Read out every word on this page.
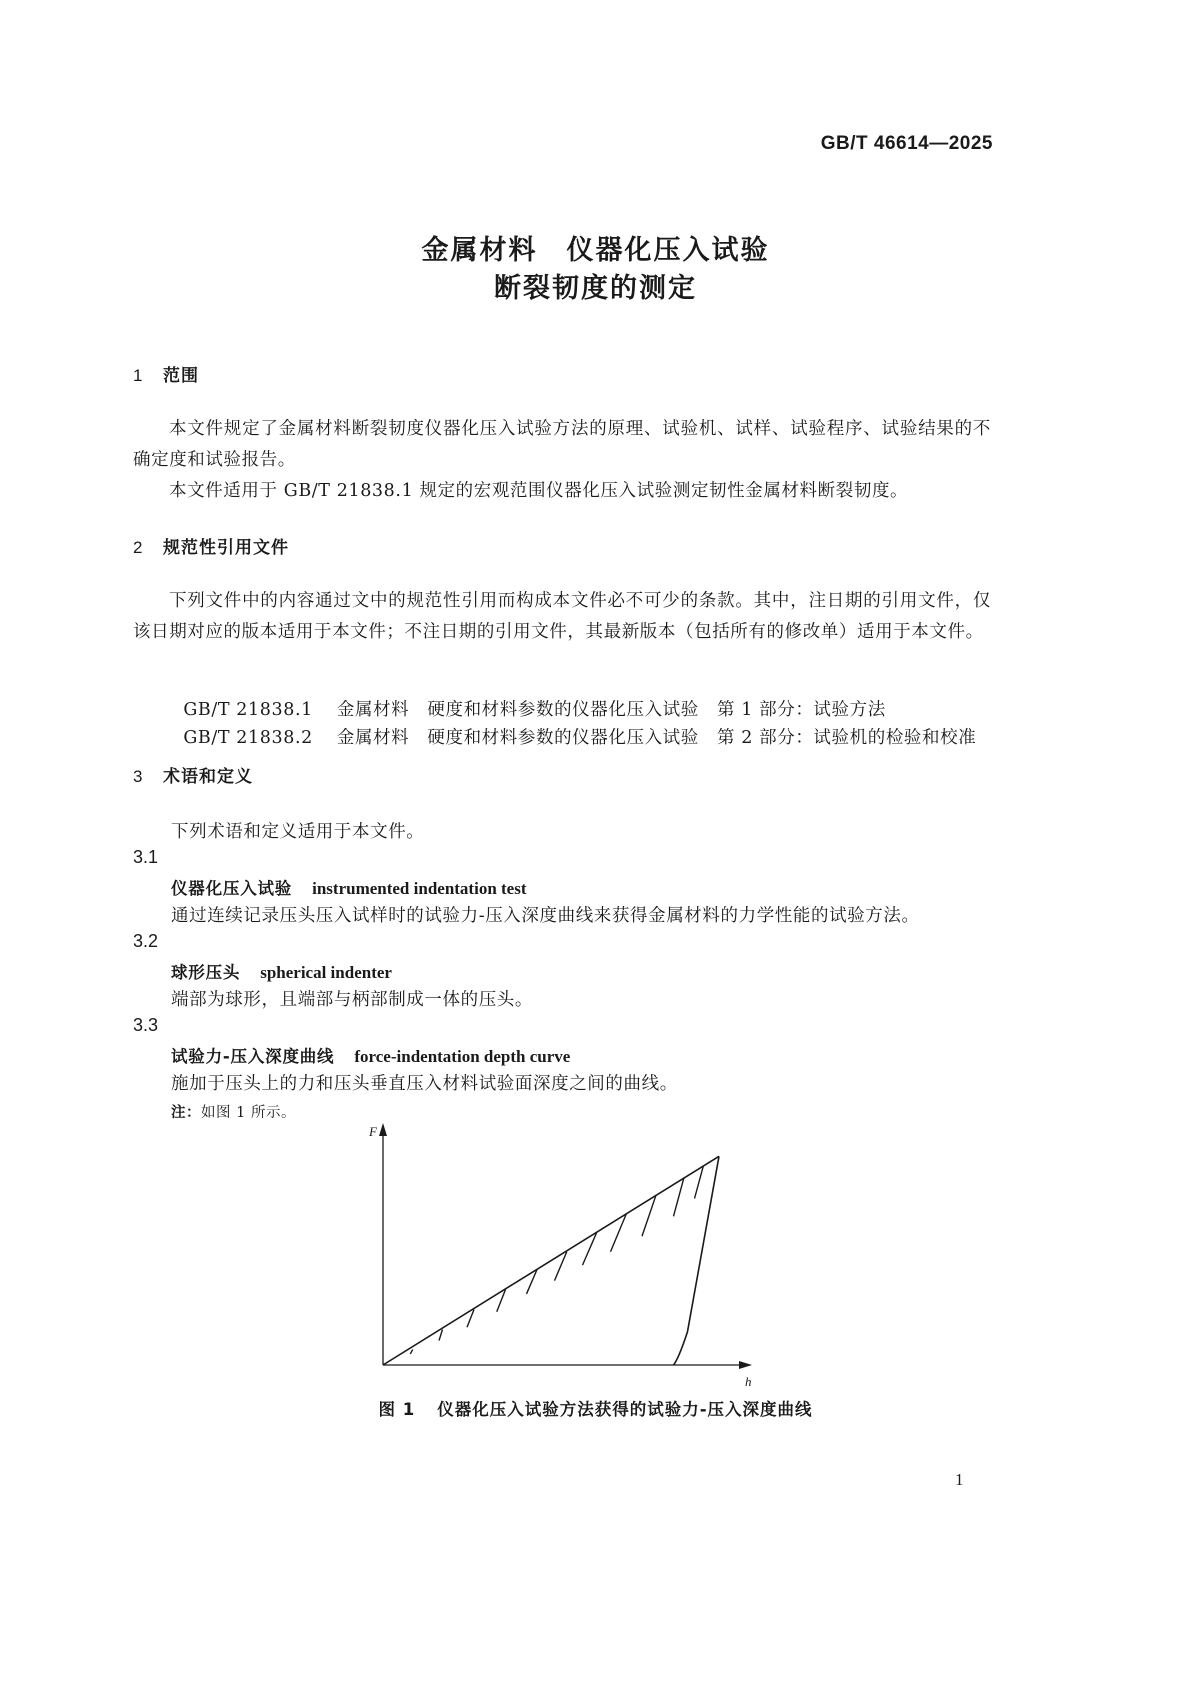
GB/T 46614—2025
金属材料　仪器化压入试验
断裂韧度的测定
1 范围
本文件规定了金属材料断裂韧度仪器化压入试验方法的原理、试验机、试样、试验程序、试验结果的不确定度和试验报告。
本文件适用于 GB/T 21838.1 规定的宏观范围仪器化压入试验测定韧性金属材料断裂韧度。
2 规范性引用文件
下列文件中的内容通过文中的规范性引用而构成本文件必不可少的条款。其中，注日期的引用文件，仅该日期对应的版本适用于本文件；不注日期的引用文件，其最新版本（包括所有的修改单）适用于本文件。

GB/T 21838.1 金属材料　硬度和材料参数的仪器化压入试验　第 1 部分：试验方法

GB/T 21838.2 金属材料　硬度和材料参数的仪器化压入试验　第 2 部分：试验机的检验和校准

3 术语和定义
下列术语和定义适用于本文件。
3.1
仪器化压入试验 instrumented indentation test
通过连续记录压头压入试样时的试验力-压入深度曲线来获得金属材料的力学性能的试验方法。
3.2
球形压头 spherical indenter
端部为球形，且端部与柄部制成一体的压头。
3.3
试验力-压入深度曲线 force-indentation depth curve
施加于压头上的力和压头垂直压入材料试验面深度之间的曲线。
注：如图 1 所示。
F
h
图 1 仪器化压入试验方法获得的试验力-压入深度曲线
1
